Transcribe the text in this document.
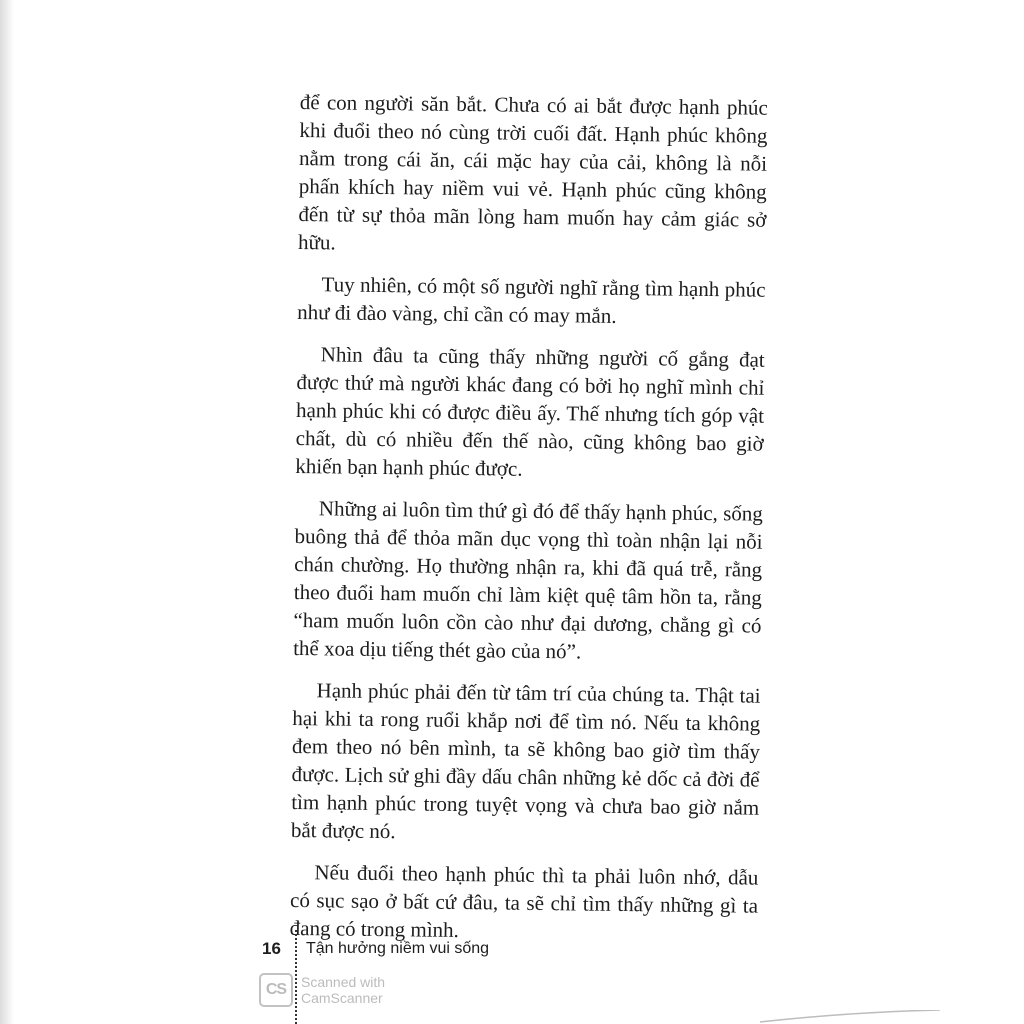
để con người săn bắt. Chưa có ai bắt được hạnh phúc khi đuổi theo nó cùng trời cuối đất. Hạnh phúc không nằm trong cái ăn, cái mặc hay của cải, không là nỗi phấn khích hay niềm vui vẻ. Hạnh phúc cũng không đến từ sự thỏa mãn lòng ham muốn hay cảm giác sở hữu.

Tuy nhiên, có một số người nghĩ rằng tìm hạnh phúc như đi đào vàng, chỉ cần có may mắn.

Nhìn đâu ta cũng thấy những người cố gắng đạt được thứ mà người khác đang có bởi họ nghĩ mình chỉ hạnh phúc khi có được điều ấy. Thế nhưng tích góp vật chất, dù có nhiều đến thế nào, cũng không bao giờ khiến bạn hạnh phúc được.

Những ai luôn tìm thứ gì đó để thấy hạnh phúc, sống buông thả để thỏa mãn dục vọng thì toàn nhận lại nỗi chán chường. Họ thường nhận ra, khi đã quá trễ, rằng theo đuổi ham muốn chỉ làm kiệt quệ tâm hồn ta, rằng “ham muốn luôn cồn cào như đại dương, chẳng gì có thể xoa dịu tiếng thét gào của nó”.

Hạnh phúc phải đến từ tâm trí của chúng ta. Thật tai hại khi ta rong ruổi khắp nơi để tìm nó. Nếu ta không đem theo nó bên mình, ta sẽ không bao giờ tìm thấy được. Lịch sử ghi đầy dấu chân những kẻ dốc cả đời để tìm hạnh phúc trong tuyệt vọng và chưa bao giờ nắm bắt được nó.

Nếu đuổi theo hạnh phúc thì ta phải luôn nhớ, dẫu có sục sạo ở bất cứ đâu, ta sẽ chỉ tìm thấy những gì ta đang có trong mình.

16	Tận hưởng niềm vui sống
CS	Scanned with
CamScanner
